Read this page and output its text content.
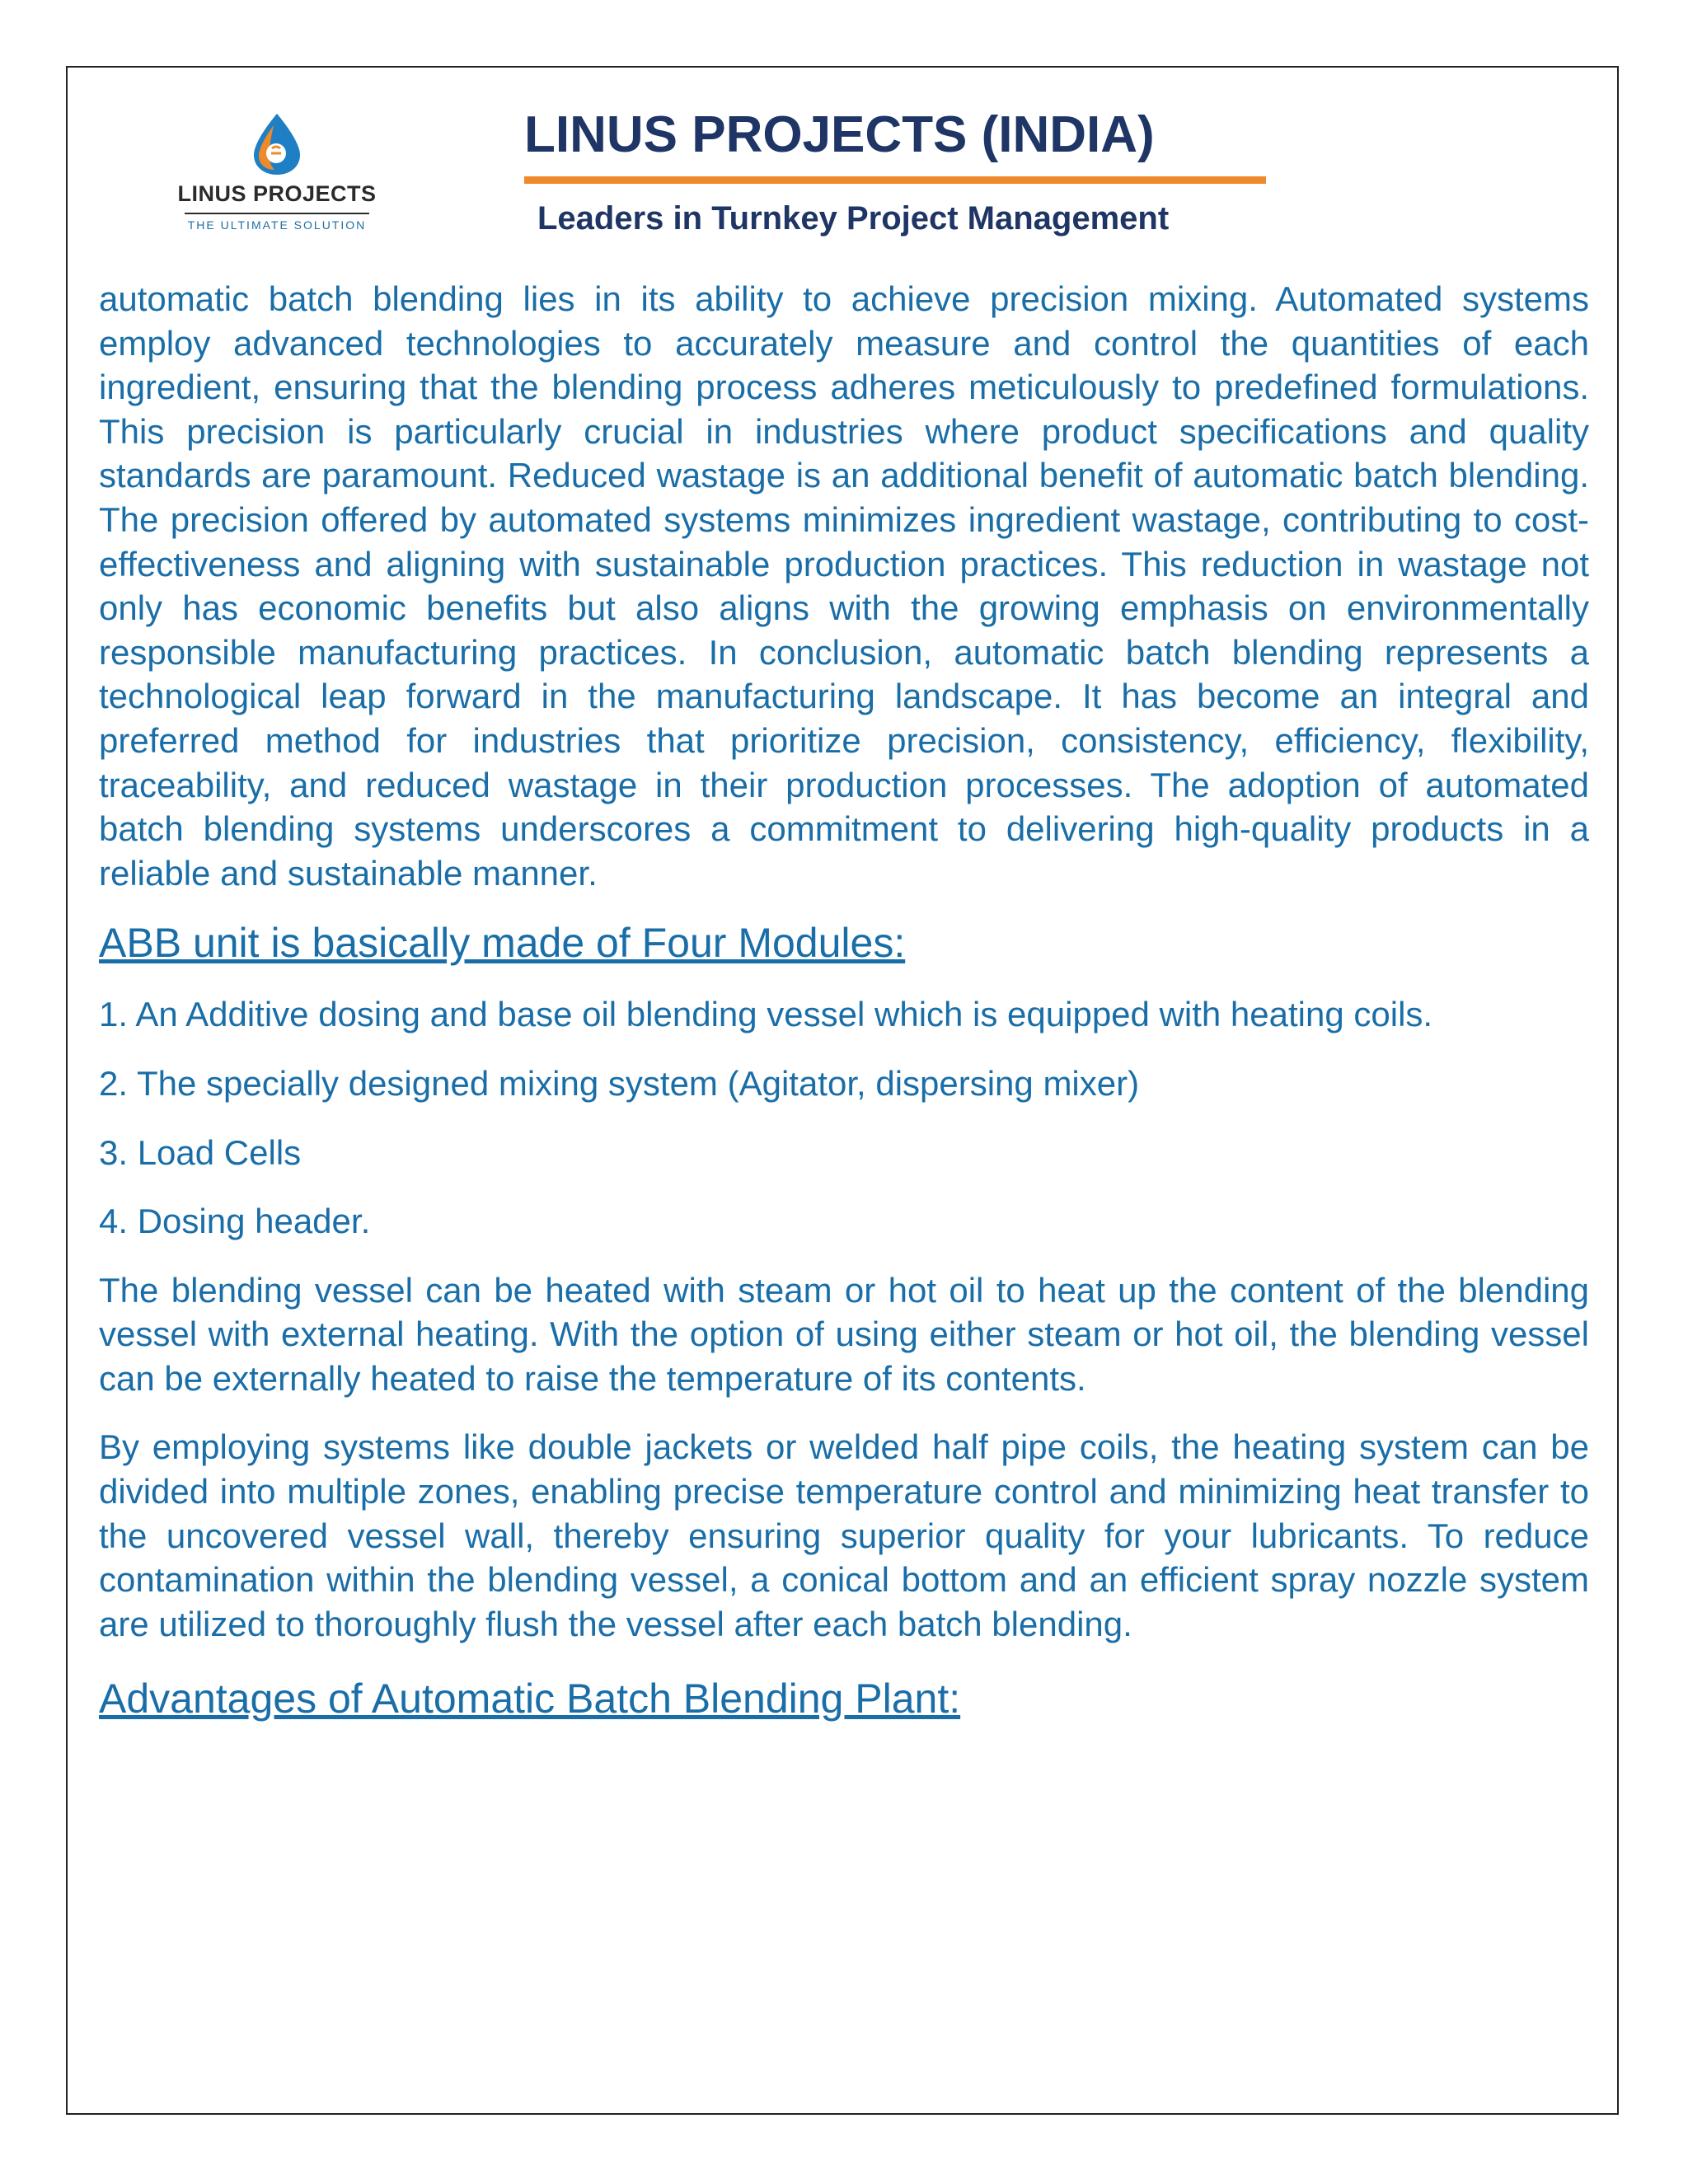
LINUS PROJECTS
THE ULTIMATE SOLUTION
LINUS PROJECTS (INDIA)
Leaders in Turnkey Project Management

automatic batch blending lies in its ability to achieve precision mixing. Automated systems employ advanced technologies to accurately measure and control the quantities of each ingredient, ensuring that the blending process adheres meticulously to predefined formulations. This precision is particularly crucial in industries where product specifications and quality standards are paramount. Reduced wastage is an additional benefit of automatic batch blending. The precision offered by automated systems minimizes ingredient wastage, contributing to cost-effectiveness and aligning with sustainable production practices. This reduction in wastage not only has economic benefits but also aligns with the growing emphasis on environmentally responsible manufacturing practices. In conclusion, automatic batch blending represents a technological leap forward in the manufacturing landscape. It has become an integral and preferred method for industries that prioritize precision, consistency, efficiency, flexibility, traceability, and reduced wastage in their production processes. The adoption of automated batch blending systems underscores a commitment to delivering high-quality products in a reliable and sustainable manner.

ABB unit is basically made of Four Modules:

1. An Additive dosing and base oil blending vessel which is equipped with heating coils.

2. The specially designed mixing system (Agitator, dispersing mixer)

3. Load Cells

4. Dosing header.

The blending vessel can be heated with steam or hot oil to heat up the content of the blending vessel with external heating. With the option of using either steam or hot oil, the blending vessel can be externally heated to raise the temperature of its contents.

By employing systems like double jackets or welded half pipe coils, the heating system can be divided into multiple zones, enabling precise temperature control and minimizing heat transfer to the uncovered vessel wall, thereby ensuring superior quality for your lubricants. To reduce contamination within the blending vessel, a conical bottom and an efficient spray nozzle system are utilized to thoroughly flush the vessel after each batch blending.

Advantages of Automatic Batch Blending Plant:
